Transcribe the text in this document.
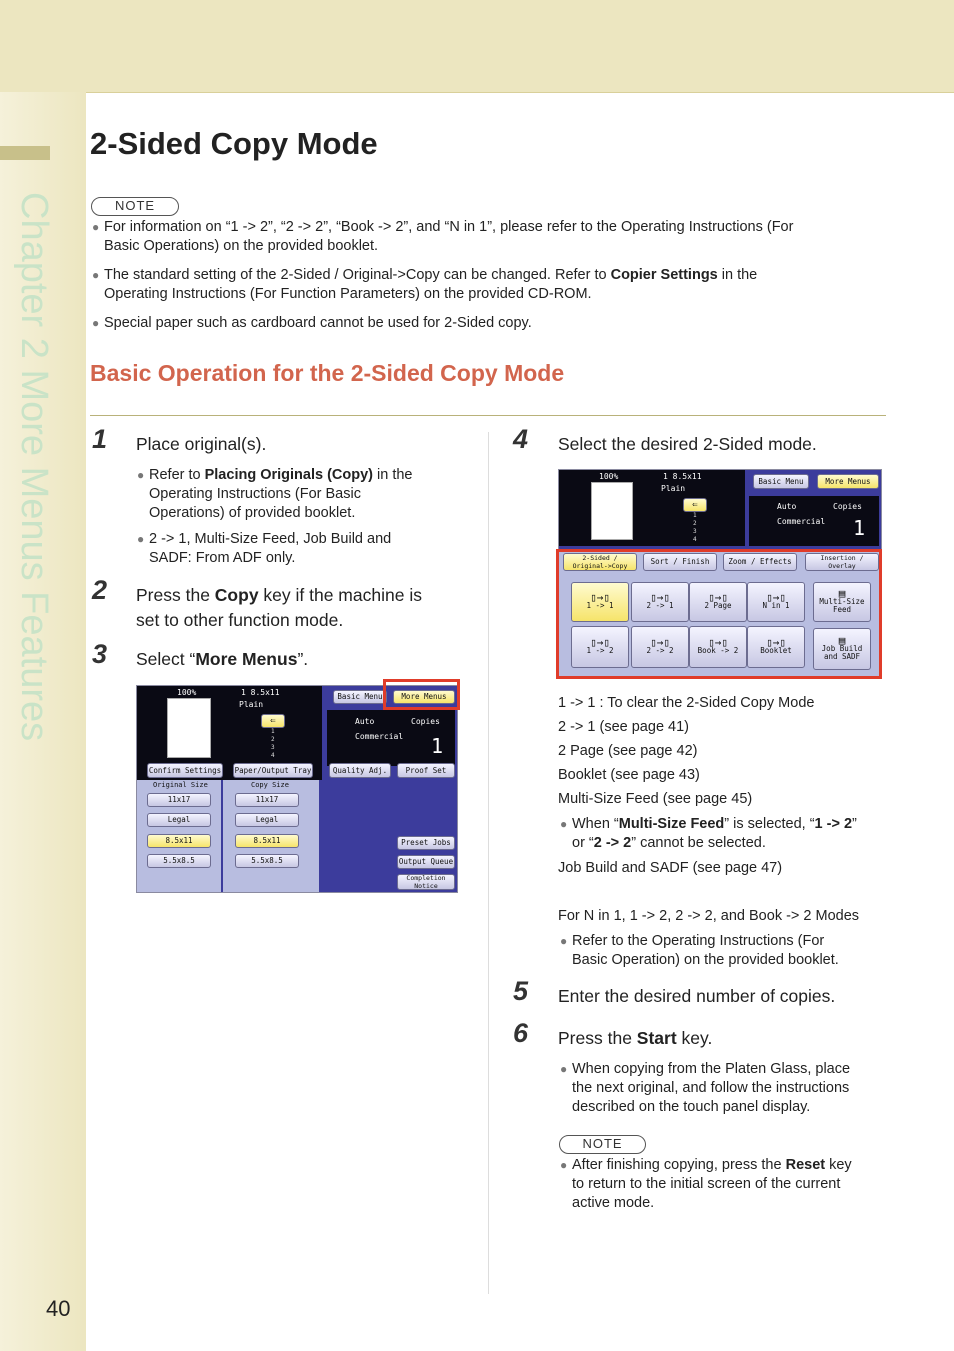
Chapter 2 More Menus Features
40
2-Sided Copy Mode
NOTE
● For information on “1 -> 2”, “2 -> 2”, “Book -> 2”, and “N in 1”, please refer to the Operating Instructions (For
Basic Operations) on the provided booklet.
● The standard setting of the 2-Sided / Original->Copy can be changed. Refer to Copier Settings in the
Operating Instructions (For Function Parameters) on the provided CD-ROM.
● Special paper such as cardboard cannot be used for 2-Sided copy.
Basic Operation for the 2-Sided Copy Mode
1 Place original(s).
● Refer to Placing Originals (Copy) in the
Operating Instructions (For Basic
Operations) of provided booklet.
● 2 -> 1, Multi-Size Feed, Job Build and
SADF: From ADF only.
2 Press the Copy key if the machine is
set to other function mode.
3 Select “More Menus”.
100%	1 8.5x11
Plain
⇐
1
2
3
4
Basic Menu	More Menus
Auto	Copies
Commercial 1
Confirm Settings Paper/Output Tray	Quality Adj.	Proof Set
Original Size	Copy Size
11x17
Legal
8.5x11
5.5x8.5
11x17
Legal
8.5x11
5.5x8.5
Preset Jobs
Output Queue
Completion Notice
4 Select the desired 2-Sided mode.
100%	1 8.5x11
Plain
⇐
1
2
3
4
Basic Menu	More Menus
Auto	Copies
Commercial 1
2-Sided / Original->Copy	Sort / Finish	Zoom / Effects	Insertion / Overlay
▯→▯
1 -> 1
▯→▯
2 -> 1
▯→▯
2 Page
▯→▯
N in 1
▤
Multi-Size Feed
▯→▯
1 -> 2
▯→▯
2 -> 2
▯→▯
Book -> 2
▯→▯
Booklet
▤
Job Build and SADF
1 -> 1 : To clear the 2-Sided Copy Mode
2 -> 1 (see page 41)
2 Page (see page 42)
Booklet (see page 43)
Multi-Size Feed (see page 45)
● When “Multi-Size Feed” is selected, “1 -> 2”
or “2 -> 2” cannot be selected.
Job Build and SADF (see page 47)
For N in 1, 1 -> 2, 2 -> 2, and Book -> 2 Modes
● Refer to the Operating Instructions (For
Basic Operation) on the provided booklet.
5 Enter the desired number of copies.
6 Press the Start key.
● When copying from the Platen Glass, place
the next original, and follow the instructions
described on the touch panel display.
NOTE
● After finishing copying, press the Reset key
to return to the initial screen of the current
active mode.
